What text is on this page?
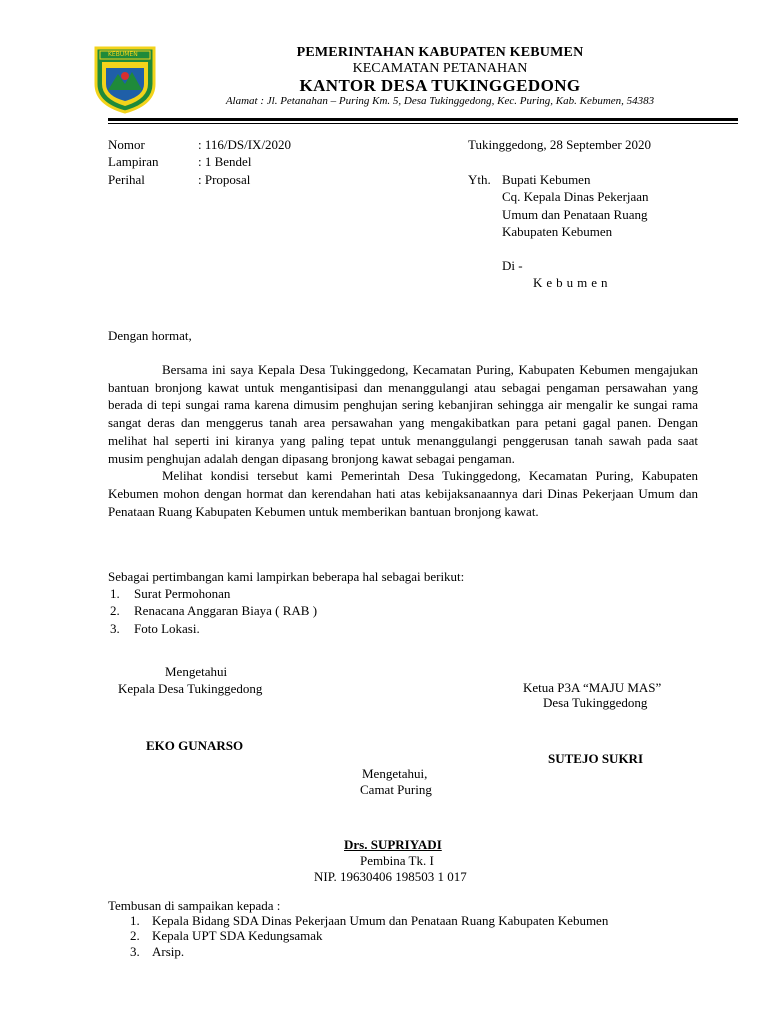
KEBUMEN	PEMERINTAHAN KABUPATEN KEBUMEN
KECAMATAN PETANAHAN
KANTOR DESA TUKINGGEDONG
Alamat : Jl. Petanahan – Puring Km. 5, Desa Tukinggedong, Kec. Puring, Kab. Kebumen, 54383
Nomor	: 116/DS/IX/2020
Lampiran	: 1 Bendel
Perihal	: Proposal
Tukinggedong, 28 September 2020
Yth. Bupati Kebumen
Cq. Kepala Dinas Pekerjaan
Umum dan Penataan Ruang
Kabupaten Kebumen
Di -
Kebumen
Dengan hormat,

Bersama ini saya Kepala Desa Tukinggedong, Kecamatan Puring, Kabupaten Kebumen mengajukan bantuan bronjong kawat untuk mengantisipasi dan menanggulangi atau sebagai pengaman persawahan yang berada di tepi sungai rama karena dimusim penghujan sering kebanjiran sehingga air mengalir ke sungai rama sangat deras dan menggerus tanah area persawahan yang mengakibatkan para petani gagal panen. Dengan melihat hal seperti ini kiranya yang paling tepat untuk menanggulangi penggerusan tanah sawah pada saat musim penghujan adalah dengan dipasang bronjong kawat sebagai pengaman.

Melihat kondisi tersebut kami Pemerintah Desa Tukinggedong, Kecamatan Puring, Kabupaten Kebumen mohon dengan hormat dan kerendahan hati atas kebijaksanaannya dari Dinas Pekerjaan Umum dan Penataan Ruang Kabupaten Kebumen untuk memberikan bantuan bronjong kawat.

Sebagai pertimbangan kami lampirkan beberapa hal sebagai berikut:
1. Surat Permohonan
2. Renacana Anggaran Biaya ( RAB )
3. Foto Lokasi.
Mengetahui
Kepala Desa Tukinggedong
EKO GUNARSO
Ketua P3A “MAJU MAS”
Desa Tukinggedong
SUTEJO SUKRI
Mengetahui,
Camat Puring
Drs. SUPRIYADI
Pembina Tk. I
NIP. 19630406 198503 1 017
Tembusan di sampaikan kepada :
1. Kepala Bidang SDA Dinas Pekerjaan Umum dan Penataan Ruang Kabupaten Kebumen
2. Kepala UPT SDA Kedungsamak
3. Arsip.
